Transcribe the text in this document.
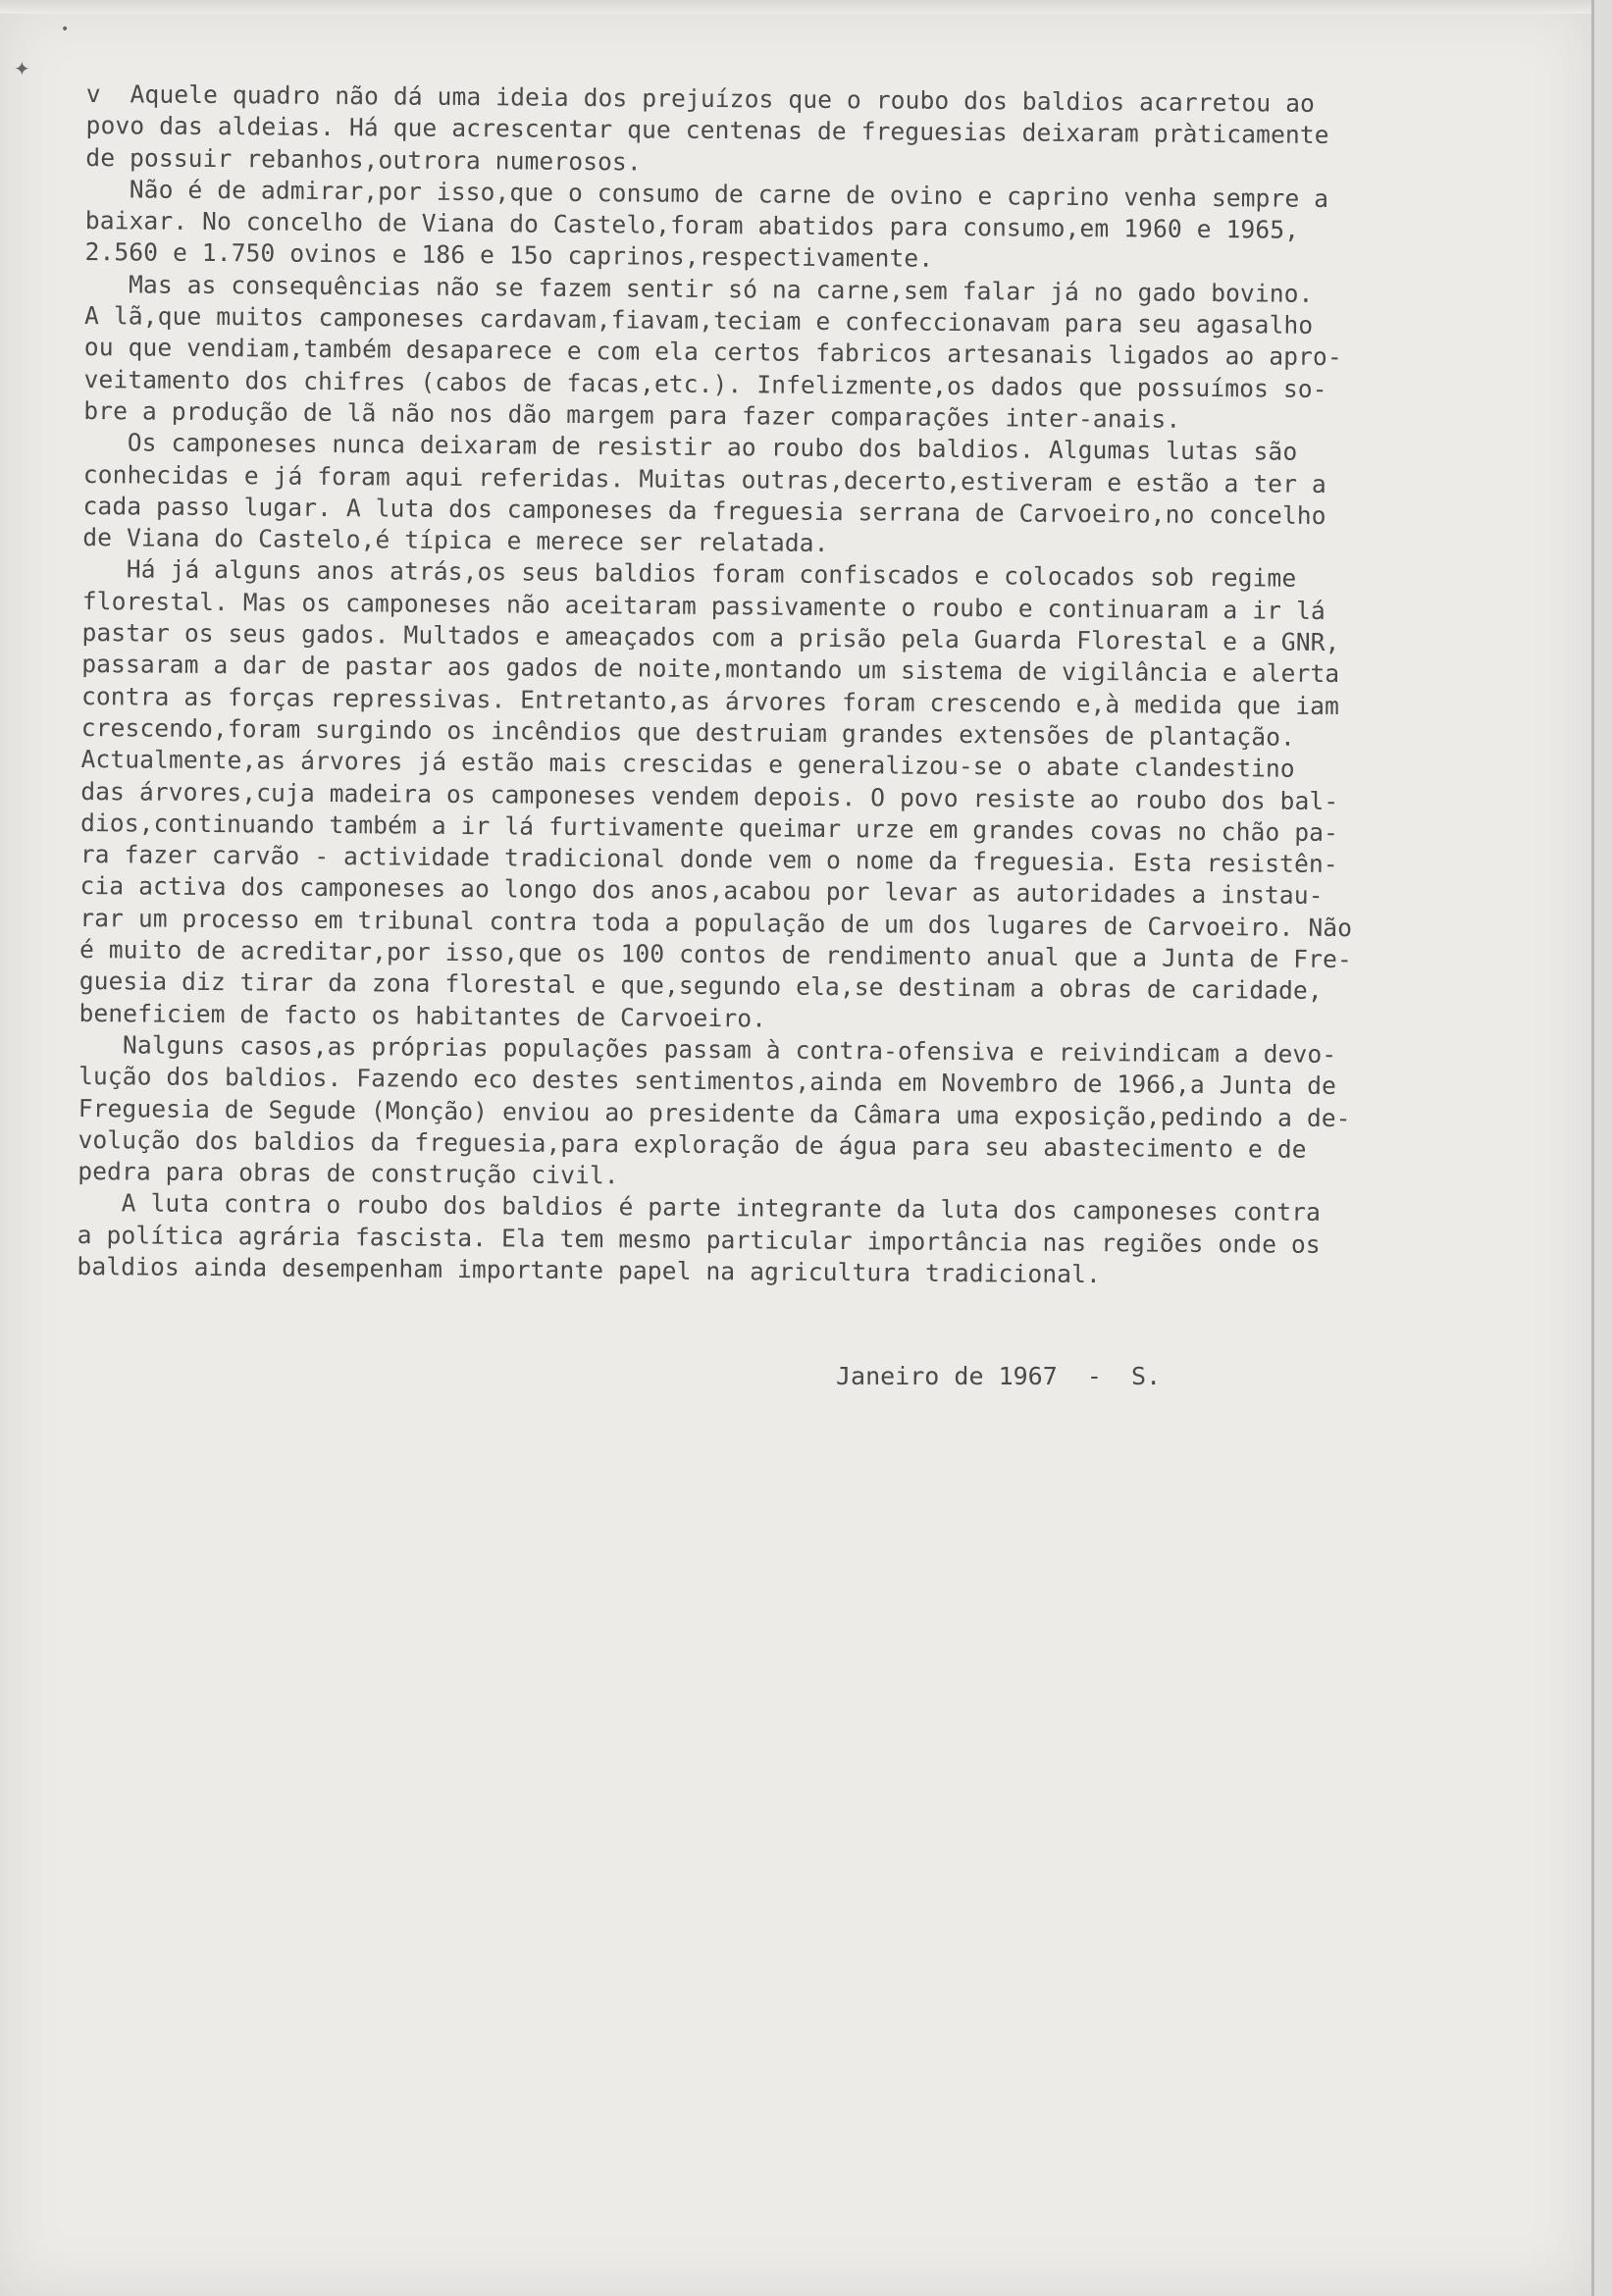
✦
•
v  Aquele quadro não dá uma ideia dos prejuízos que o roubo dos baldios acarretou ao
povo das aldeias. Há que acrescentar que centenas de freguesias deixaram pràticamente
de possuir rebanhos,outrora numerosos.
Não é de admirar,por isso,que o consumo de carne de ovino e caprino venha sempre a
baixar. No concelho de Viana do Castelo,foram abatidos para consumo,em 1960 e 1965,
2.560 e 1.750 ovinos e 186 e 15o caprinos,respectivamente.
Mas as consequências não se fazem sentir só na carne,sem falar já no gado bovino.
A lã,que muitos camponeses cardavam,fiavam,teciam e confeccionavam para seu agasalho
ou que vendiam,também desaparece e com ela certos fabricos artesanais ligados ao apro-
veitamento dos chifres (cabos de facas,etc.). Infelizmente,os dados que possuímos so-
bre a produção de lã não nos dão margem para fazer comparações inter-anais.
Os camponeses nunca deixaram de resistir ao roubo dos baldios. Algumas lutas são
conhecidas e já foram aqui referidas. Muitas outras,decerto,estiveram e estão a ter a
cada passo lugar. A luta dos camponeses da freguesia serrana de Carvoeiro,no concelho
de Viana do Castelo,é típica e merece ser relatada.
Há já alguns anos atrás,os seus baldios foram confiscados e colocados sob regime
florestal. Mas os camponeses não aceitaram passivamente o roubo e continuaram a ir lá
pastar os seus gados. Multados e ameaçados com a prisão pela Guarda Florestal e a GNR,
passaram a dar de pastar aos gados de noite,montando um sistema de vigilância e alerta
contra as forças repressivas. Entretanto,as árvores foram crescendo e,à medida que iam
crescendo,foram surgindo os incêndios que destruiam grandes extensões de plantação.
Actualmente,as árvores já estão mais crescidas e generalizou-se o abate clandestino
das árvores,cuja madeira os camponeses vendem depois. O povo resiste ao roubo dos bal-
dios,continuando também a ir lá furtivamente queimar urze em grandes covas no chão pa-
ra fazer carvão - actividade tradicional donde vem o nome da freguesia. Esta resistên-
cia activa dos camponeses ao longo dos anos,acabou por levar as autoridades a instau-
rar um processo em tribunal contra toda a população de um dos lugares de Carvoeiro. Não
é muito de acreditar,por isso,que os 100 contos de rendimento anual que a Junta de Fre-
guesia diz tirar da zona florestal e que,segundo ela,se destinam a obras de caridade,
beneficiem de facto os habitantes de Carvoeiro.
Nalguns casos,as próprias populações passam à contra-ofensiva e reivindicam a devo-
lução dos baldios. Fazendo eco destes sentimentos,ainda em Novembro de 1966,a Junta de
Freguesia de Segude (Monção) enviou ao presidente da Câmara uma exposição,pedindo a de-
volução dos baldios da freguesia,para exploração de água para seu abastecimento e de
pedra para obras de construção civil.
A luta contra o roubo dos baldios é parte integrante da luta dos camponeses contra
a política agrária fascista. Ela tem mesmo particular importância nas regiões onde os
baldios ainda desempenham importante papel na agricultura tradicional.
Janeiro de 1967  -  S.
